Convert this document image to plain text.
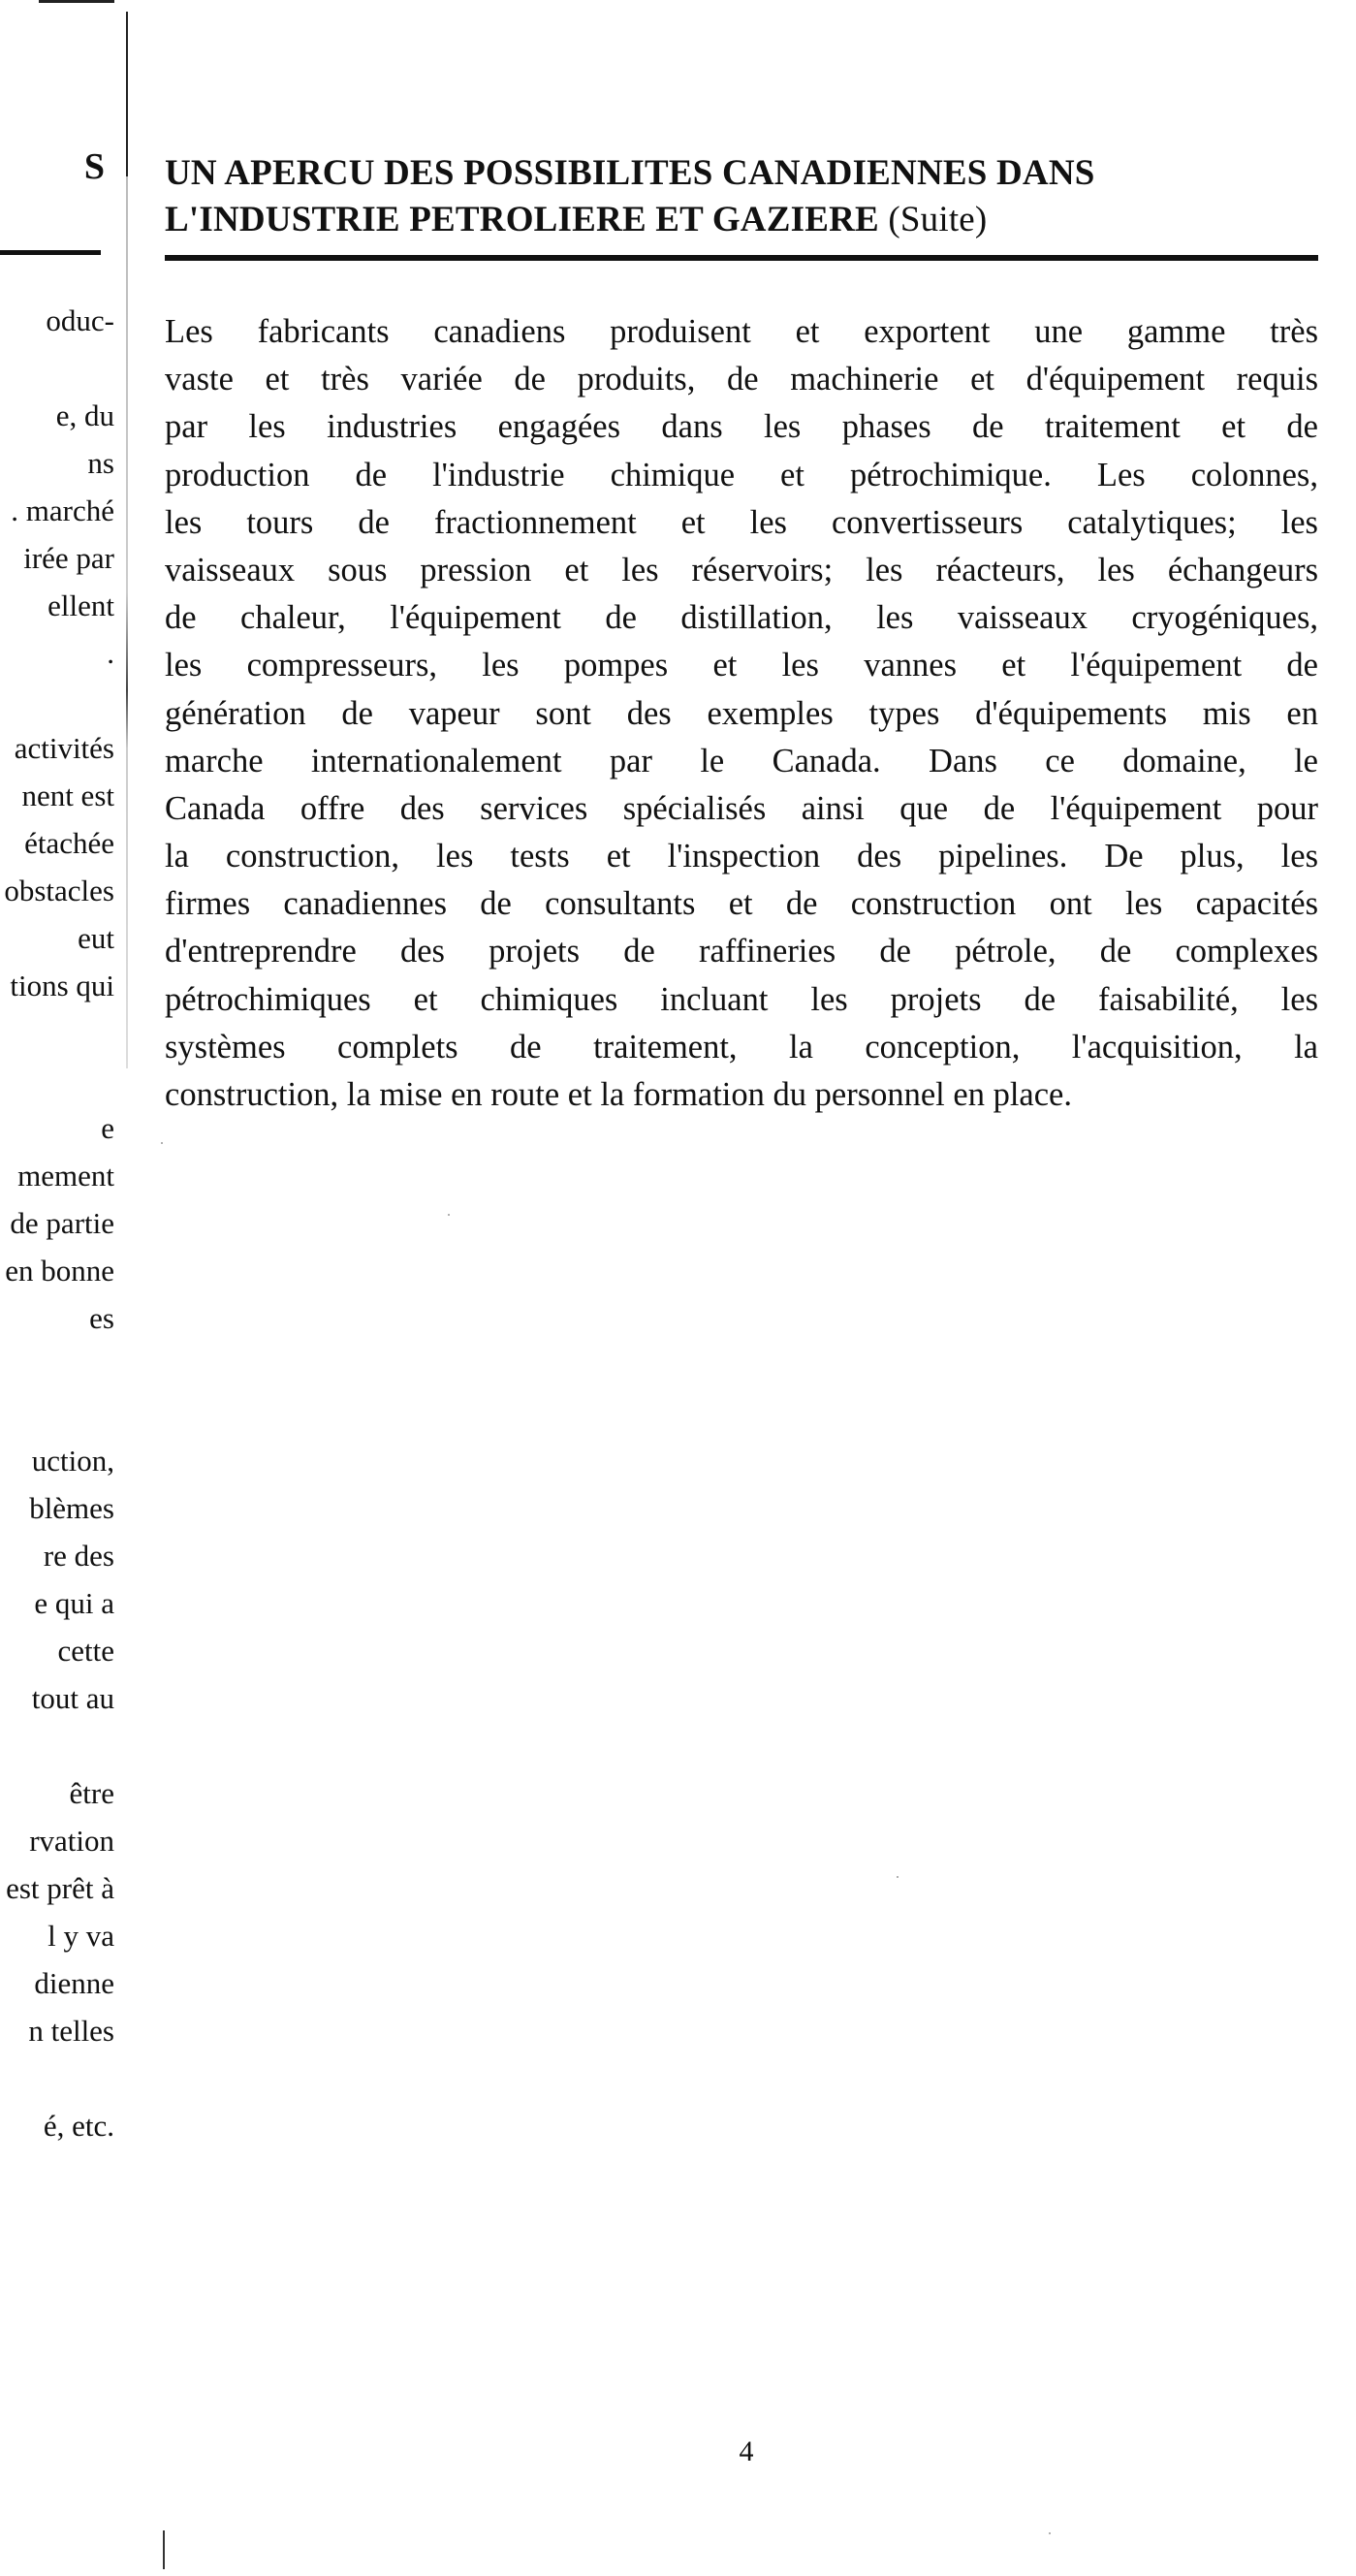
S
oduc-
e, du
ns
. marché
irée par
ellent
.
activités
nent est
étachée
obstacles
eut
tions qui
e
mement
de partie
en bonne
es
uction,
blèmes
re des
e qui a
cette
tout au
être
rvation
est prêt à
l y va
dienne
n telles
é, etc.
UN APERCU DES POSSIBILITES CANADIENNES DANS
L'INDUSTRIE PETROLIERE ET GAZIERE (Suite)
Les fabricants canadiens produisent et exportent une gamme très
vaste et très variée de produits, de machinerie et d'équipement requis
par les industries engagées dans les phases de traitement et de
production de l'industrie chimique et pétrochimique. Les colonnes,
les tours de fractionnement et les convertisseurs catalytiques; les
vaisseaux sous pression et les réservoirs; les réacteurs, les échangeurs
de chaleur, l'équipement de distillation, les vaisseaux cryogéniques,
les compresseurs, les pompes et les vannes et l'équipement de
génération de vapeur sont des exemples types d'équipements mis en
marche internationalement par le Canada. Dans ce domaine, le
Canada offre des services spécialisés ainsi que de l'équipement pour
la construction, les tests et l'inspection des pipelines. De plus, les
firmes canadiennes de consultants et de construction ont les capacités
d'entreprendre des projets de raffineries de pétrole, de complexes
pétrochimiques et chimiques incluant les projets de faisabilité, les
systèmes complets de traitement, la conception, l'acquisition, la
construction, la mise en route et la formation du personnel en place.
4
